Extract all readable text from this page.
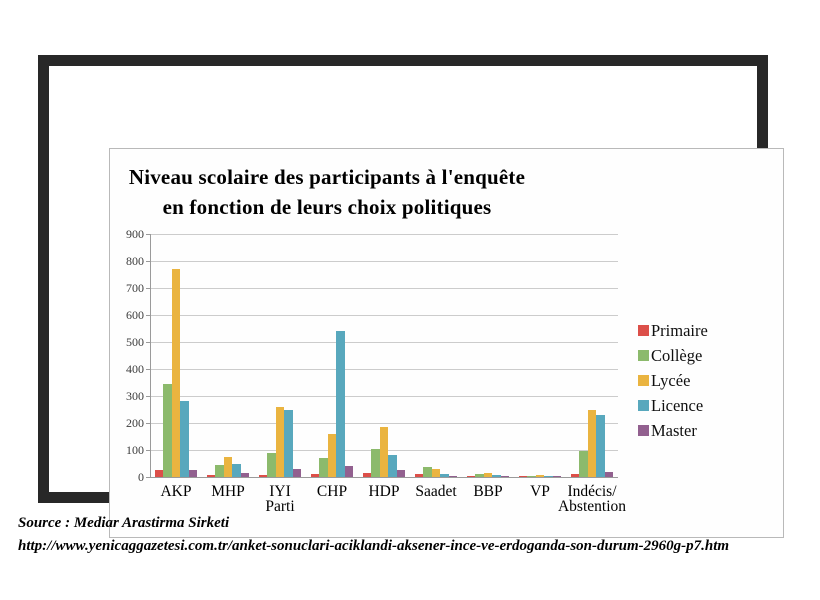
Niveau scolaire des participants à l'enquête
en fonction de leurs choix politiques
0
100
200
300
400
500
600
700
800
900
AKP MHP IYI
Parti
CHP HDP Saadet BBP VP	Indécis/
Abstention
Primaire
Collège
Lycée
Licence
Master
Source : Mediar Arastirma Sirketi
http://www.yenicaggazetesi.com.tr/anket-sonuclari-aciklandi-aksener-ince-ve-erdoganda-son-durum-2960g-p7.htm
